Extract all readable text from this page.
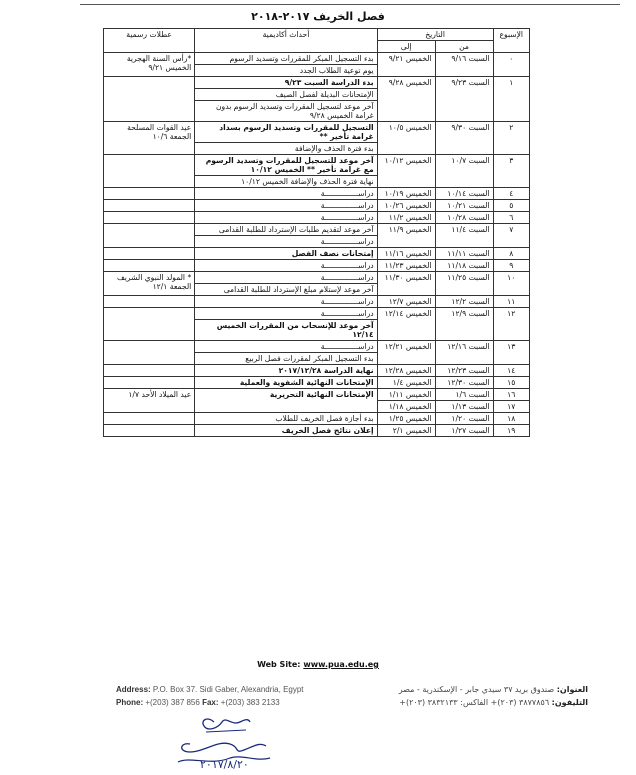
فصل الخريف ٢٠١٧-٢٠١٨
الإسبوع	التاريخ		أحداث أكاديمية	عطلات رسمية
	من	إلى		
٠	السبت ٩/١٦	الخميس ٩/٢١	بدء التسجيل المبكر للمقررات وتسديد الرسوم	*رأس السنة الهجرية الخميس ٩/٢١
			يوم توعية الطلاب الجدد	
١	السبت ٩/٢٣	الخميس ٩/٢٨	بدء الدراسة السبت ٩/٢٣	
			الإمتحانات البديلة لفصل الصيف	
			آخر موعد لتسجيل المقررات وتسديد الرسوم بدون غرامة الخميس ٩/٢٨	
٢	السبت ٩/٣٠	الخميس ١٠/٥	التسجيل للمقررات وتسديد الرسوم بسداد غرامة تأخير **	عيد القوات المسلحة الجمعة ١٠/٦
			بدء فترة الحذف والإضافة	
٣	السبت ١٠/٧	الخميس ١٠/١٢	آخر موعد للتسجيل للمقررات وتسديد الرسوم مع غرامة تأخير ** الخميس ١٠/١٢	
			نهاية فترة الحذف والإضافة الخميس ١٠/١٢	
٤	السبت ١٠/١٤	الخميس ١٠/١٩	دراســـــــــــــــة	
٥	السبت ١٠/٢١	الخميس ١٠/٢٦	دراســـــــــــــــة	
٦	السبت ١٠/٢٨	الخميس ١١/٢	دراســـــــــــــــة	
٧	السبت ١١/٤	الخميس ١١/٩	آخر موعد لتقديم طلبات الإسترداد للطلبة القدامى	
			دراســـــــــــــــة	
٨	السبت ١١/١١	الخميس ١١/١٦	إمتحانات نصف الفصل	
٩	السبت ١١/١٨	الخميس ١١/٢٣	دراســـــــــــــــة	
١٠	السبت ١١/٢٥	الخميس ١١/٣٠	دراســـــــــــــــة	* المولد النبوي الشريف الجمعة ١٢/١
			آخر موعد لإستلام مبلغ الإسترداد للطلبة القدامى	
١١	السبت ١٢/٢	الخميس ١٢/٧	دراســـــــــــــــة	
١٢	السبت ١٢/٩	الخميس ١٢/١٤	دراســـــــــــــــة	
			آخر موعد للإنسحاب من المقررات الخميس ١٢/١٤	
١٣	السبت ١٢/١٦	الخميس ١٢/٢١	دراســـــــــــــــة	
			بدء التسجيل المبكر لمقررات فصل الربيع	
١٤	السبت ١٢/٢٣	الخميس ١٢/٢٨	نهاية الدراسة ٢٠١٧/١٢/٢٨	
١٥	السبت ١٢/٣٠	الخميس ١/٤	الإمتحانات النهائية الشفوية والعملية	
١٦	السبت ١/٦	الخميس ١/١١	الإمتحانات النهائية التحريرية	عيد الميلاد الأحد ١/٧
١٧	السبت ١/١٣	الخميس ١/١٨		
١٨	السبت ١/٢٠	الخميس ١/٢٥	بدء أجازة فصل الخريف للطلاب	
١٩	السبت ١/٢٧	الخميس ٢/١	إعلان نتائج فصل الخريف	
Web Site: www.pua.edu.eg
Address: P.O. Box 37. Sidi Gaber, Alexandria, Egypt
Phone: +(203) 387 856 Fax: +(203) 383 2133
العنوان: صندوق بريد ٣٧ سيدي جابر - الإسكندرية - مصر
التليفون: ٣٨٧٧٨٥٦ (٢٠٣)+ الفاكس: ٣٨٣٢١٣٣ (٢٠٣)+
٢٠١٧/٨/٢٠
